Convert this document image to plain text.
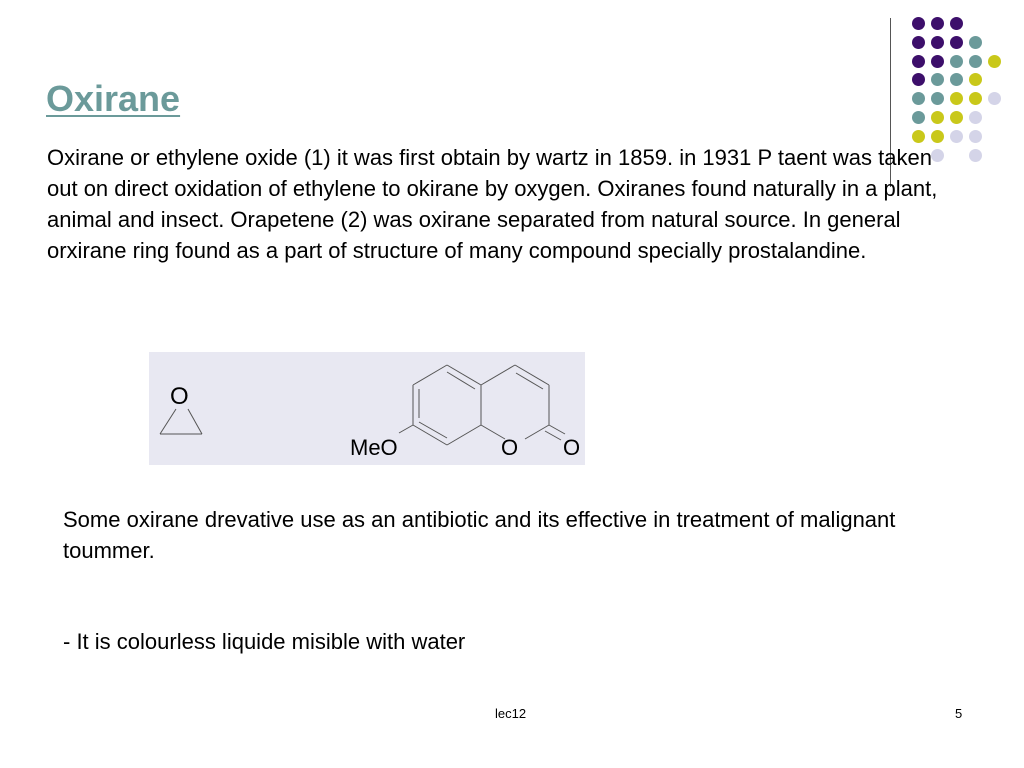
Oxirane

Oxirane or ethylene oxide (1) it was first obtain by wartz in 1859. in 1931 P taent was taken out on direct oxidation of ethylene to okirane by oxygen. Oxiranes found naturally in a plant, animal and insect. Orapetene (2) was oxirane separated from natural source. In general orxirane ring found as a part of structure of many compound specially prostalandine.

O
MeO	O O

Some oxirane drevative use as an antibiotic and its effective in treatment of malignant toummer.

- It is colourless liquide misible with water

lec12	5
